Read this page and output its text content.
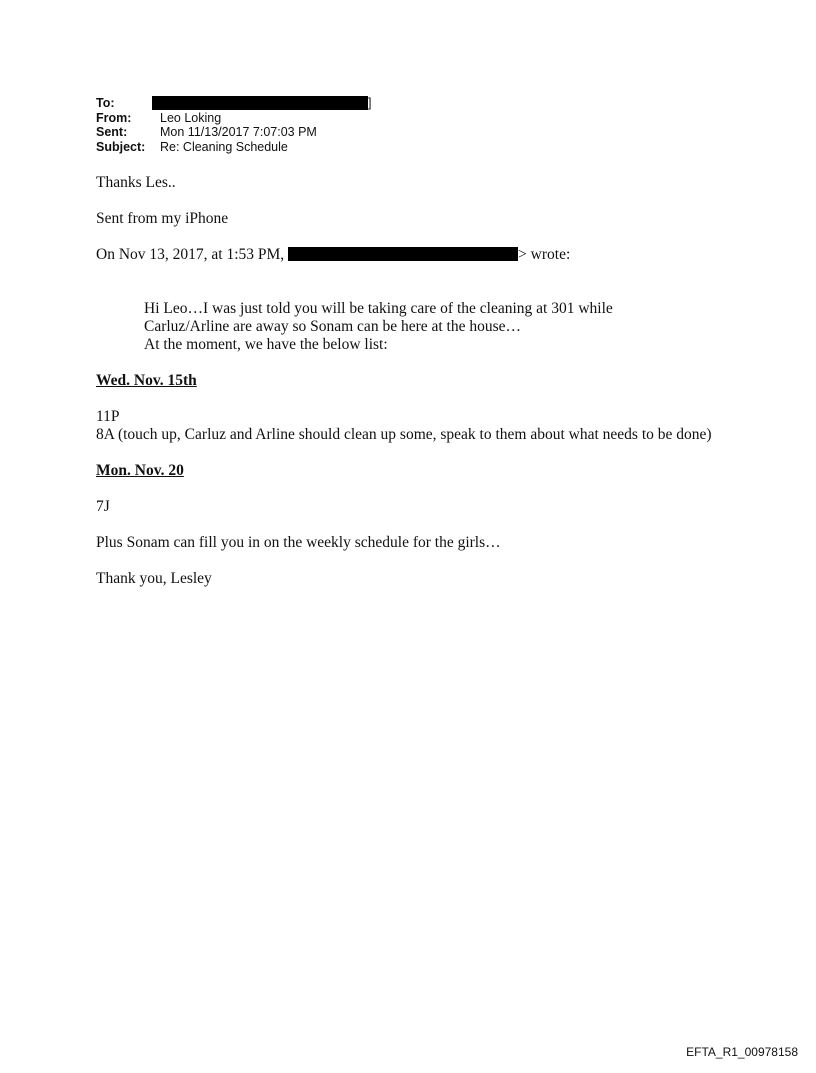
To:	]
From:	Leo Loking
Sent:	Mon 11/13/2017 7:07:03 PM
Subject:	Re: Cleaning Schedule

Thanks Les..

Sent from my iPhone

On Nov 13, 2017, at 1:53 PM,	> wrote:

Hi Leo…I was just told you will be taking care of the cleaning at 301 while

Carluz/Arline are away so Sonam can be here at the house…

At the moment, we have the below list:

Wed. Nov. 15th

11P

8A (touch up, Carluz and Arline should clean up some, speak to them about what needs to be done)

Mon. Nov. 20

7J

Plus Sonam can fill you in on the weekly schedule for the girls…

Thank you, Lesley

EFTA_R1_00978158
